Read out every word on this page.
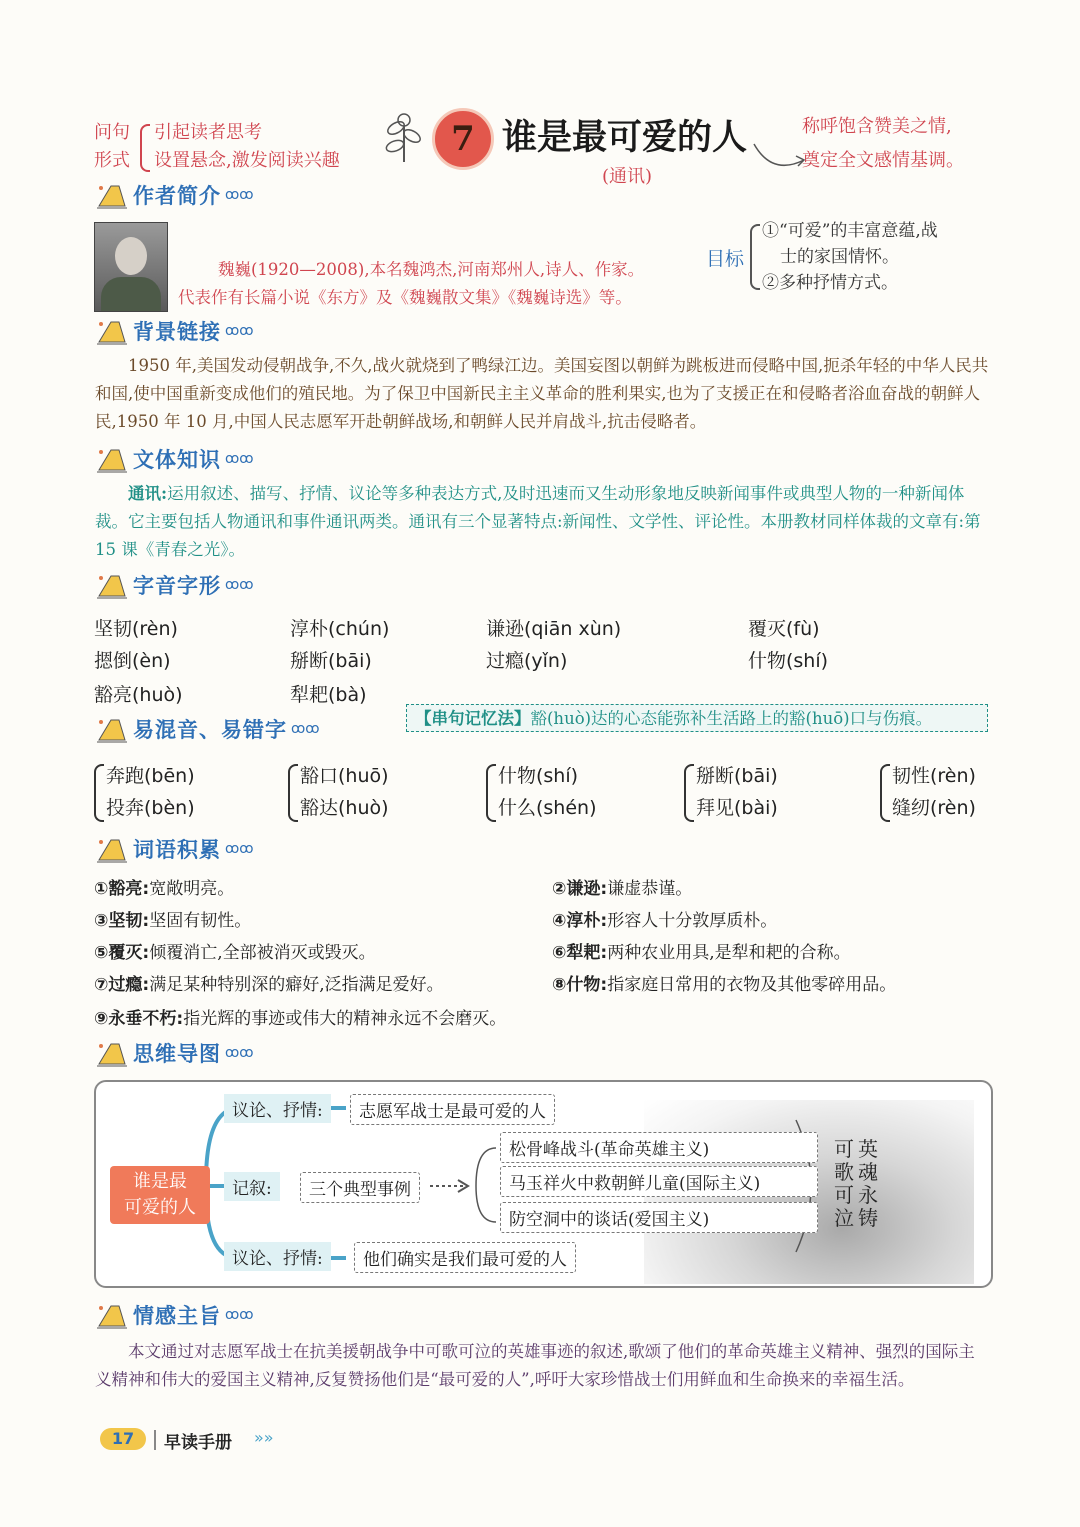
问句
形式
引起读者思考
设置悬念,激发阅读兴趣
7 谁是最可爱的人
(通讯)
称呼饱含赞美之情,
奠定全文感情基调。
作者简介 ꝏꝏ
魏巍(1920—2008),本名魏鸿杰,河南郑州人,诗人、作家。
代表作有长篇小说《东方》及《魏巍散文集》《魏巍诗选》等。
目标
①“可爱”的丰富意蕴,战
士的家国情怀。
②多种抒情方式。
背景链接 ꝏꝏ
1950 年,美国发动侵朝战争,不久,战火就烧到了鸭绿江边。美国妄图以朝鲜为跳板进而侵略中国,扼杀年轻的中华人民共和国,使中国重新变成他们的殖民地。为了保卫中国新民主主义革命的胜利果实,也为了支援正在和侵略者浴血奋战的朝鲜人民,1950 年 10 月,中国人民志愿军开赴朝鲜战场,和朝鲜人民并肩战斗,抗击侵略者。
文体知识 ꝏꝏ
通讯:运用叙述、描写、抒情、议论等多种表达方式,及时迅速而又生动形象地反映新闻事件或典型人物的一种新闻体裁。它主要包括人物通讯和事件通讯两类。通讯有三个显著特点:新闻性、文学性、评论性。本册教材同样体裁的文章有:第 15 课《青春之光》。
字音字形 ꝏꝏ
坚韧(rèn)	淳朴(chún)	谦逊(qiān xùn)	覆灭(fù)
摁倒(èn)	掰断(bāi)	过瘾(yǐn)	什物(shí)
豁亮(huò)	犁耙(bà)
【串句记忆法】豁(huò)达的心态能弥补生活路上的豁(huō)口与伤痕。
易混音、易错字 ꝏꝏ
奔跑(bēn)
投奔(bèn)
豁口(huō)
豁达(huò)
什物(shí)
什么(shén)
掰断(bāi)
拜见(bài)
韧性(rèn)
缝纫(rèn)
词语积累 ꝏꝏ
①豁亮:宽敞明亮。	②谦逊:谦虚恭谨。
③坚韧:坚固有韧性。	④淳朴:形容人十分敦厚质朴。
⑤覆灭:倾覆消亡,全部被消灭或毁灭。	⑥犁耙:两种农业用具,是犁和耙的合称。
⑦过瘾:满足某种特别深的癖好,泛指满足爱好。	⑧什物:指家庭日常用的衣物及其他零碎用品。
⑨永垂不朽:指光辉的事迹或伟大的精神永远不会磨灭。
思维导图 ꝏꝏ
谁是最
可爱的人
议论、抒情:	志愿军战士是最可爱的人
记叙:	三个典型事例
议论、抒情:	他们确实是我们最可爱的人
松骨峰战斗(革命英雄主义)
马玉祥火中救朝鲜儿童(国际主义)
防空洞中的谈话(爱国主义)
可歌可泣
英魂永铸
情感主旨 ꝏꝏ
本文通过对志愿军战士在抗美援朝战争中可歌可泣的英雄事迹的叙述,歌颂了他们的革命英雄主义精神、强烈的国际主义精神和伟大的爱国主义精神,反复赞扬他们是“最可爱的人”,呼吁大家珍惜战士们用鲜血和生命换来的幸福生活。
17	早读手册 »»
